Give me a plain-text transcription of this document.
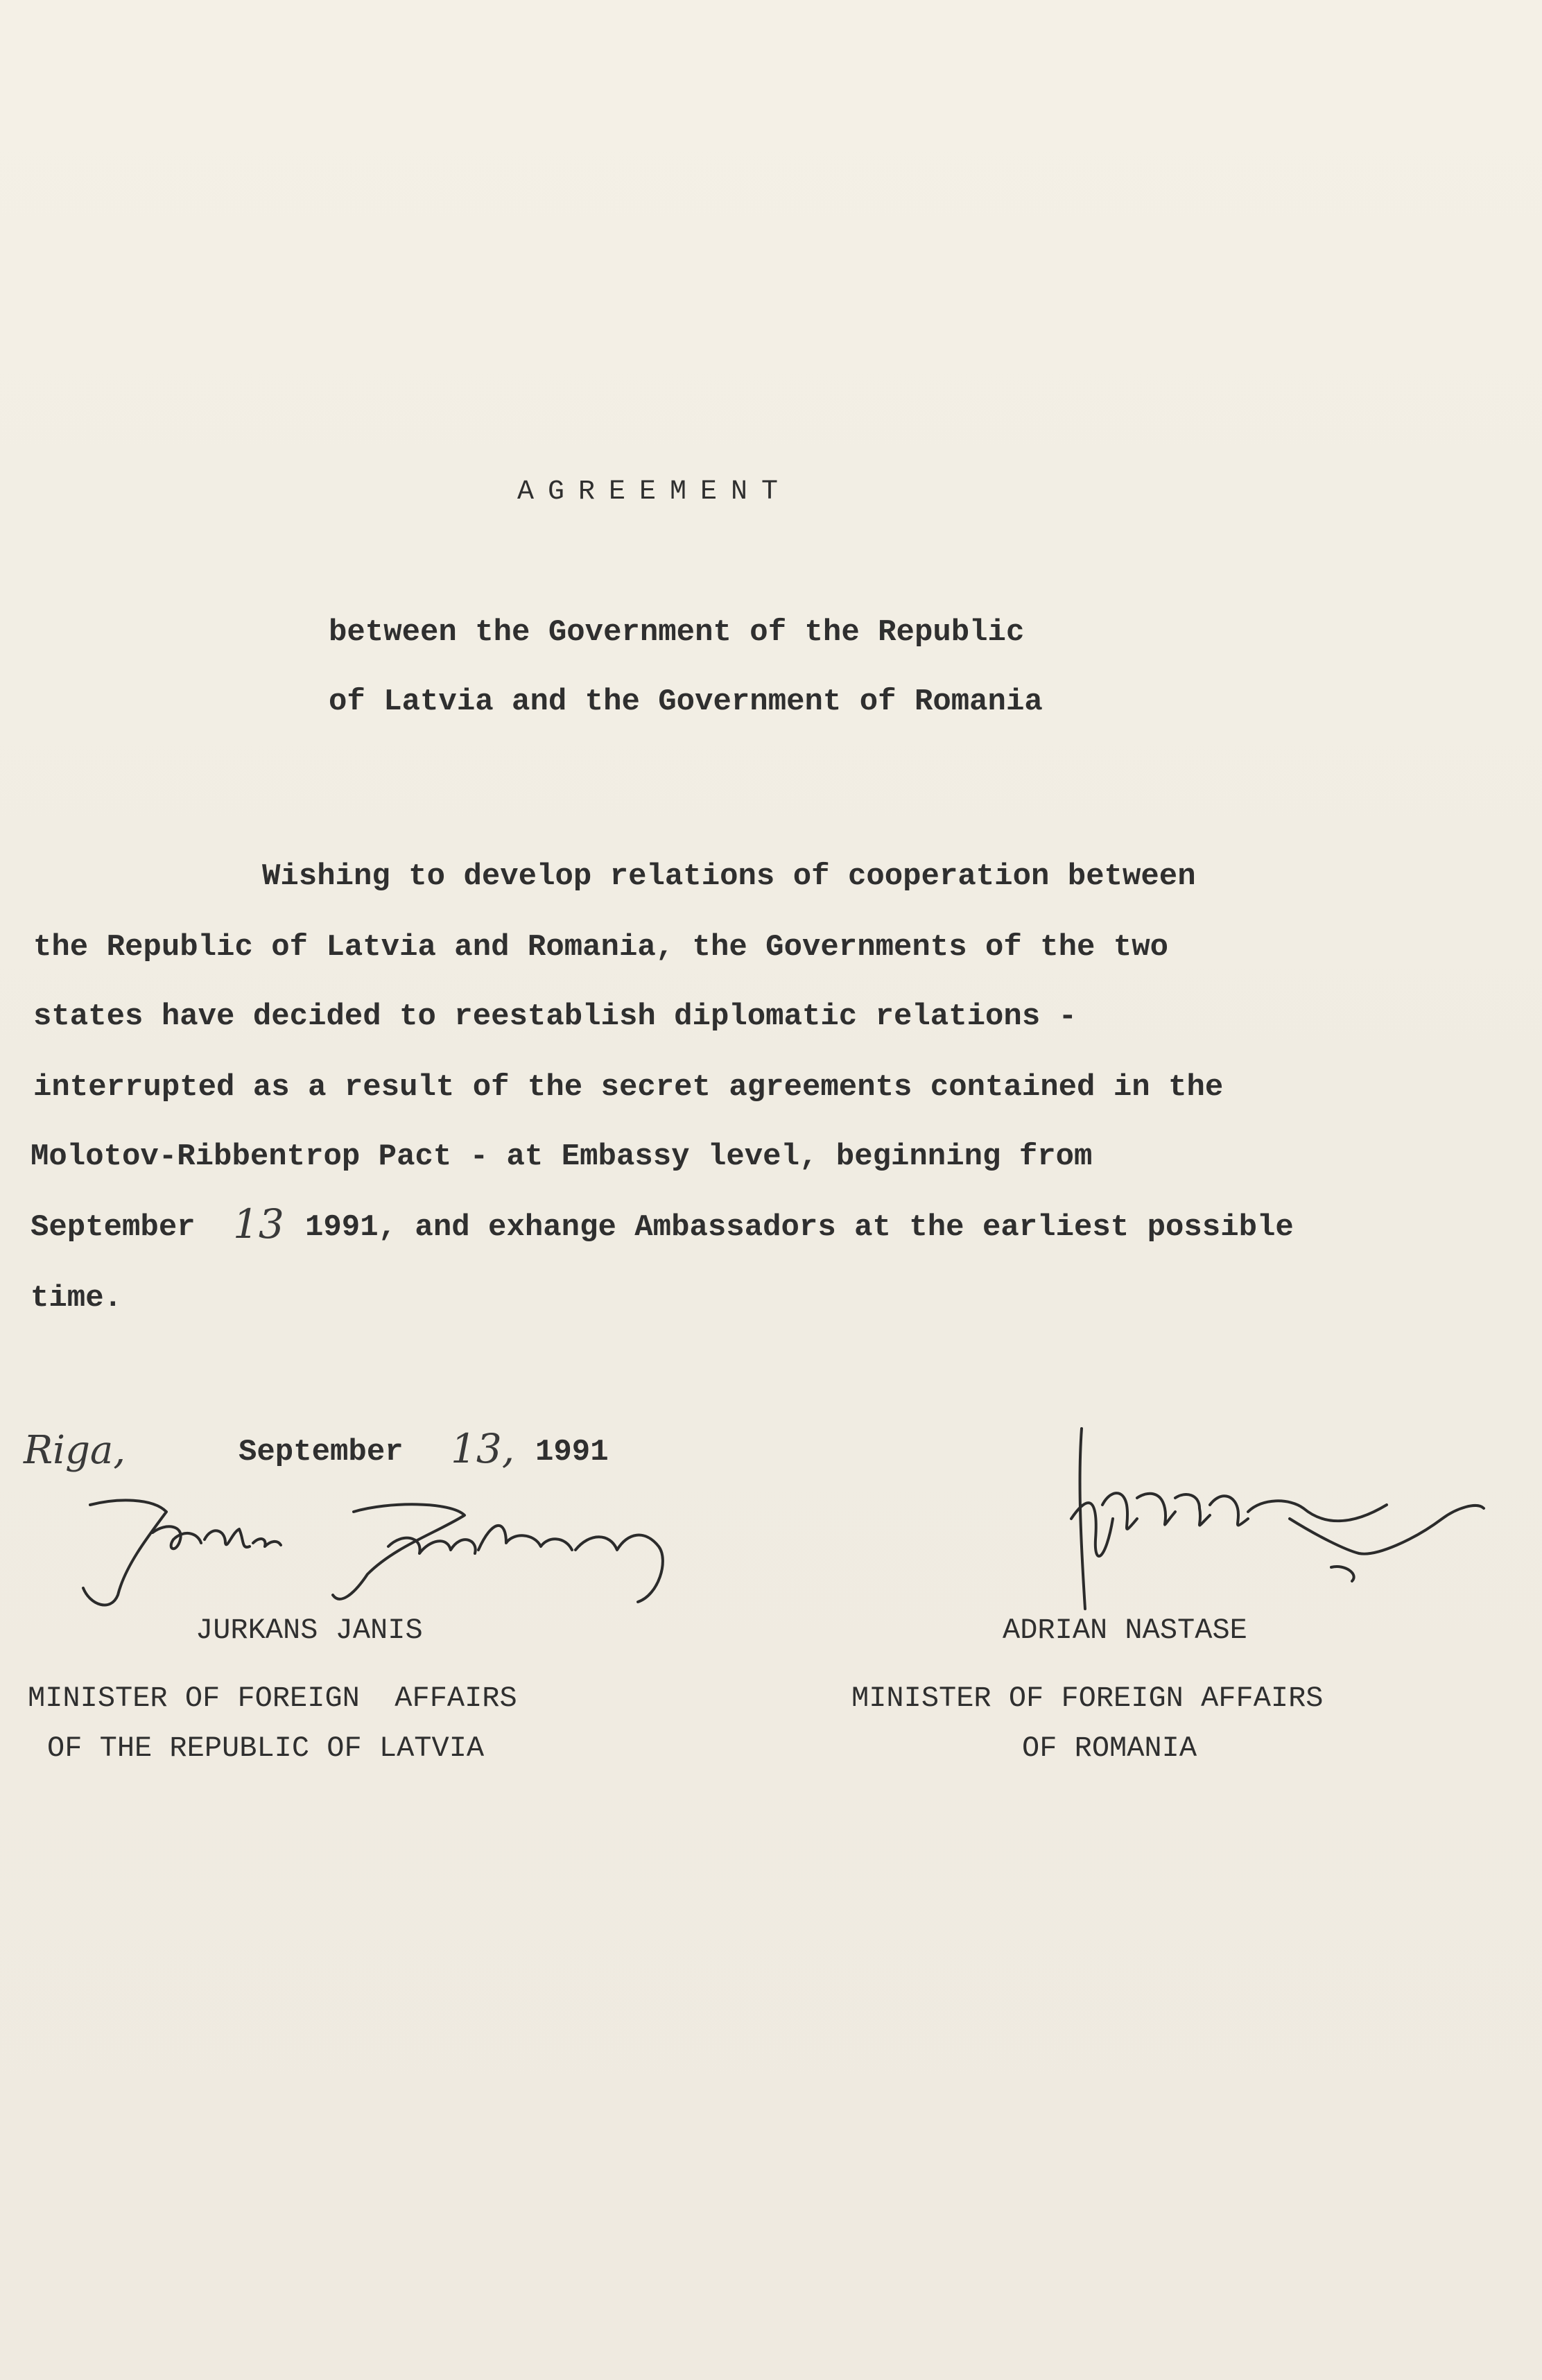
AGREEMENT
between the Government of the Republic
of Latvia and the Government of Romania
Wishing to develop relations of cooperation between
the Republic of Latvia and Romania, the Governments of the two
states have decided to reestablish diplomatic relations -
interrupted as a result of the secret agreements contained in the
Molotov-Ribbentrop Pact - at Embassy level, beginning from
September 13 1991, and exhange Ambassadors at the earliest possible
time.
Riga,	September 13, 1991
JURKANS JANIS
MINISTER OF FOREIGN  AFFAIRS
OF THE REPUBLIC OF LATVIA
ADRIAN NASTASE
MINISTER OF FOREIGN AFFAIRS
OF ROMANIA
